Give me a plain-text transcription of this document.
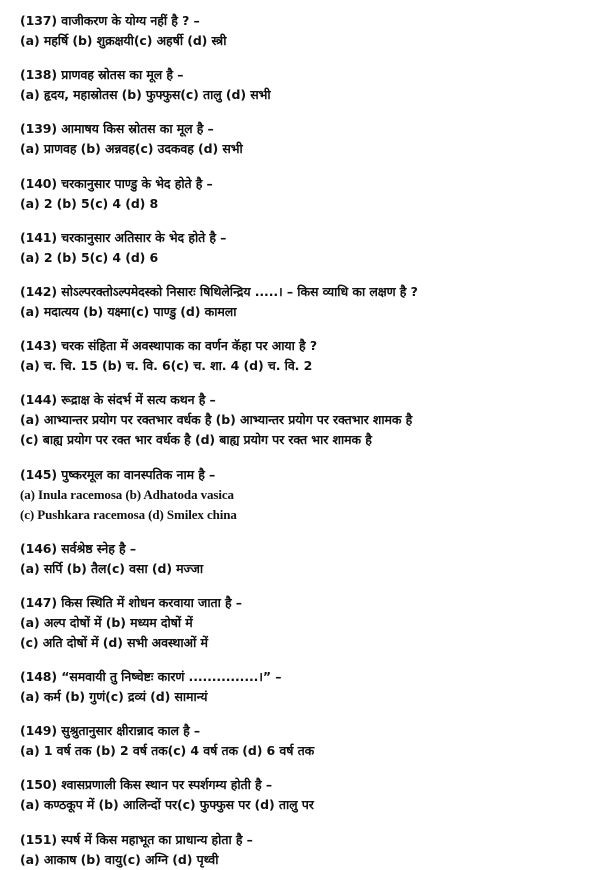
(137) वाजीकरण के योग्य नहीं है ? –
(a) महर्षि (b) शुक्रक्षयी(c) अहर्षी (d) स्त्री
(138) प्राणवह स्रोतस का मूल है –
(a) हृदय, महास्रोतस (b) फुफ्फुस(c) तालु (d) सभी
(139) आमाषय किस स्रोतस का मूल है –
(a) प्राणवह (b) अन्नवह(c) उदकवह (d) सभी
(140) चरकानुसार पाण्डु के भेद होते है –
(a) 2 (b) 5(c) 4 (d) 8
(141) चरकानुसार अतिसार के भेद होते है –
(a) 2 (b) 5(c) 4 (d) 6
(142) सोऽल्परक्तोऽल्पमेदस्को निसारः षिथिलेन्द्रिय .....। – किस व्याधि का लक्षण है ?
(a) मदात्यय (b) यक्ष्मा(c) पाण्डु (d) कामला
(143) चरक संहिता में अवस्थापाक का वर्णन कॅहा पर आया है ?
(a) च. चि. 15 (b) च. वि. 6(c) च. शा. 4 (d) च. वि. 2
(144) रूद्राक्ष के संदर्भ में सत्य कथन है –
(a) आभ्यान्तर प्रयोग पर रक्तभार वर्धक है (b) आभ्यान्तर प्रयोग पर रक्तभार शामक है
(c) बाह्य प्रयोग पर रक्त भार वर्धक है (d) बाह्य प्रयोग पर रक्त भार शामक है
(145) पुष्करमूल का वानस्पतिक नाम है –
(a) Inula racemosa (b) Adhatoda vasica
(c) Pushkara racemosa (d) Smilex china
(146) सर्वश्रेष्ठ स्नेह है –
(a) सर्पि (b) तैल(c) वसा (d) मज्जा
(147) किस स्थिति में शोधन करवाया जाता है –
(a) अल्प दोषों में (b) मध्यम दोषों में
(c) अति दोषों में (d) सभी अवस्थाओं में
(148) “समवायी तु निष्चेष्टः कारणं ...............।” –
(a) कर्म (b) गुणं(c) द्रव्यं (d) सामान्यं
(149) सुश्रुतानुसार क्षीरान्नाद काल है –
(a) 1 वर्ष तक (b) 2 वर्ष तक(c) 4 वर्ष तक (d) 6 वर्ष तक
(150) श्वासप्रणाली किस स्थान पर स्पर्शगम्य होती है –
(a) कण्ठकूप में (b) आलिन्दों पर(c) फुफ्फुस पर (d) तालु पर
(151) स्पर्ष में किस महाभूत का प्राधान्य होता है –
(a) आकाष (b) वायु(c) अग्नि (d) पृथ्वी
